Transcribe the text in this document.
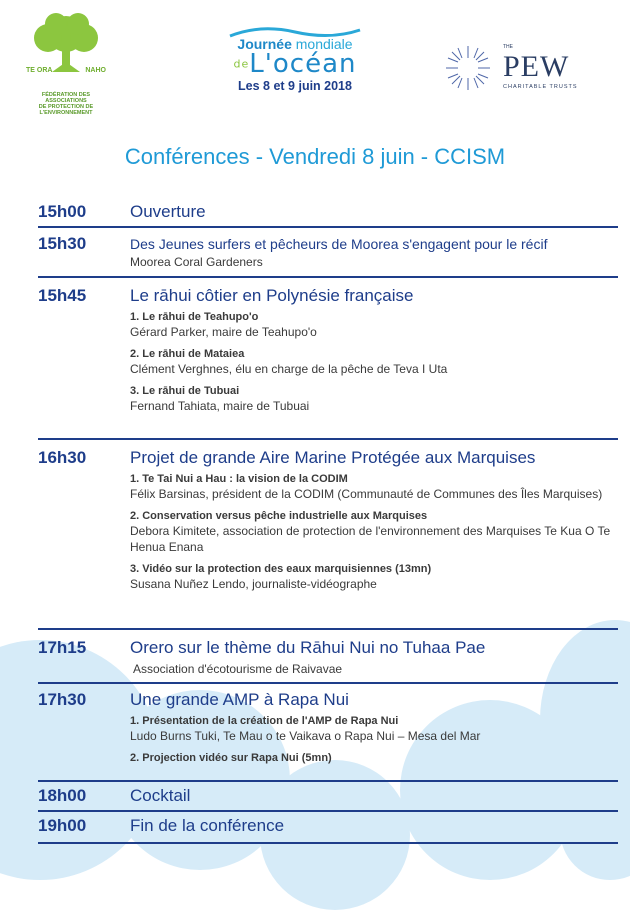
TE ORA	NAHO
FÉDÉRATION DES ASSOCIATIONS
DE PROTECTION DE L'ENVIRONNEMENT
Journée mondiale
deL'océan
Les 8 et 9 juin 2018
THE
PEW
CHARITABLE TRUSTS
Conférences - Vendredi 8 juin - CCISM
15h00	Ouverture
15h30	Des Jeunes surfers et pêcheurs de Moorea s'engagent pour le récif
Moorea Coral Gardeners
15h45	Le rāhui côtier en Polynésie française
1. Le rāhui de Teahupo'o
Gérard Parker, maire de Teahupo'o
2. Le rāhui de Mataiea
Clément Verghnes, élu en charge de la pêche de Teva I Uta
3. Le rāhui de Tubuai
Fernand Tahiata, maire de Tubuai
16h30	Projet de grande Aire Marine Protégée aux Marquises
1. Te Tai Nui a Hau : la vision de la CODIM
Félix Barsinas, président de la CODIM (Communauté de Communes des Îles Marquises)
2. Conservation versus pêche industrielle aux Marquises
Debora Kimitete, association de protection de l'environnement des Marquises Te Kua O Te Henua Enana
3. Vidéo sur la protection des eaux marquisiennes (13mn)
Susana Nuñez Lendo, journaliste-vidéographe
17h15	Orero sur le thème du Rāhui Nui no Tuhaa Pae
Association d'écotourisme de Raivavae
17h30	Une grande AMP à Rapa Nui
1. Présentation de la création de l'AMP de Rapa Nui
Ludo Burns Tuki, Te Mau o te Vaikava o Rapa Nui – Mesa del Mar
2. Projection vidéo sur Rapa Nui (5mn)
18h00	Cocktail
19h00	Fin de la conférence
